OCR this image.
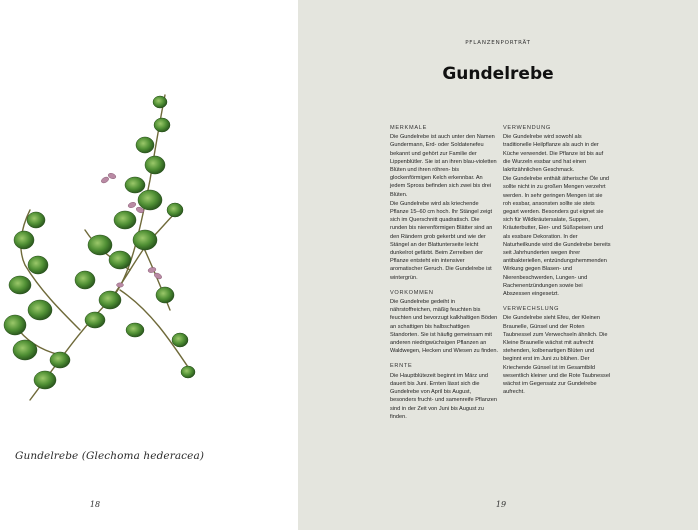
Gundelrebe (Glechoma hederacea)
18
PFLANZENPORTRÄT
Gundelrebe
MERKMALE

Die Gundelrebe ist auch unter den Namen Gundermann, Erd- oder Soldatenefeu bekannt und gehört zur Familie der Lippenblütler. Sie ist an ihren blau-violetten Blüten und ihren röhren- bis glockenförmigen Kelch erkennbar. An jedem Spross befinden sich zwei bis drei Blüten.

Die Gundelrebe wird als kriechende Pflanze 15–60 cm hoch. Ihr Stängel zeigt sich im Querschnitt quadratisch. Die runden bis nierenförmigen Blätter sind an den Rändern grob gekerbt und wie der Stängel an der Blattunterseite leicht dunkelrot gefärbt. Beim Zerreiben der Pflanze entsteht ein intensiver aromatischer Geruch. Die Gundelrebe ist wintergrün.

VORKOMMEN

Die Gundelrebe gedeiht in nährstoffreichen, mäßig feuchten bis feuchten und bevorzugt kalkhaltigen Böden an schattigen bis halbschattigen Standorten. Sie ist häufig gemeinsam mit anderen niedrigwüchsigen Pflanzen an Waldwegen, Hecken und Wiesen zu finden.

ERNTE

Die Hauptblütezeit beginnt im März und dauert bis Juni. Ernten lässt sich die Gundelrebe von April bis August, besonders frucht- und samenreife Pflanzen sind in der Zeit von Juni bis August zu finden.

VERWENDUNG

Die Gundelrebe wird sowohl als traditionelle Heilpflanze als auch in der Küche verwendet. Die Pflanze ist bis auf die Wurzeln essbar und hat einen lakritzähnlichen Geschmack.

Die Gundelrebe enthält ätherische Öle und sollte nicht in zu großen Mengen verzehrt werden. In sehr geringen Mengen ist sie roh essbar, ansonsten sollte sie stets gegart werden. Besonders gut eignet sie sich für Wildkräutersalate, Suppen, Kräuterbutter, Eier- und Süßspeisen und als essbare Dekoration. In der Naturheilkunde wird die Gundelrebe bereits seit Jahrhunderten wegen ihrer antibakteriellen, entzündungshemmenden Wirkung gegen Blasen- und Nierenbeschwerden, Lungen- und Rachenentzündungen sowie bei Abszessen eingesetzt.

VERWECHSLUNG

Die Gundelrebe sieht Efeu, der Kleinen Braunelle, Günsel und der Roten Taubnessel zum Verwechseln ähnlich. Die Kleine Braunelle wächst mit aufrecht stehenden, kolbenartigen Blüten und beginnt erst im Juni zu blühen. Der Kriechende Günsel ist im Gesamtbild wesentlich kleiner und die Rote Taubnessel wächst im Gegensatz zur Gundelrebe aufrecht.

19
